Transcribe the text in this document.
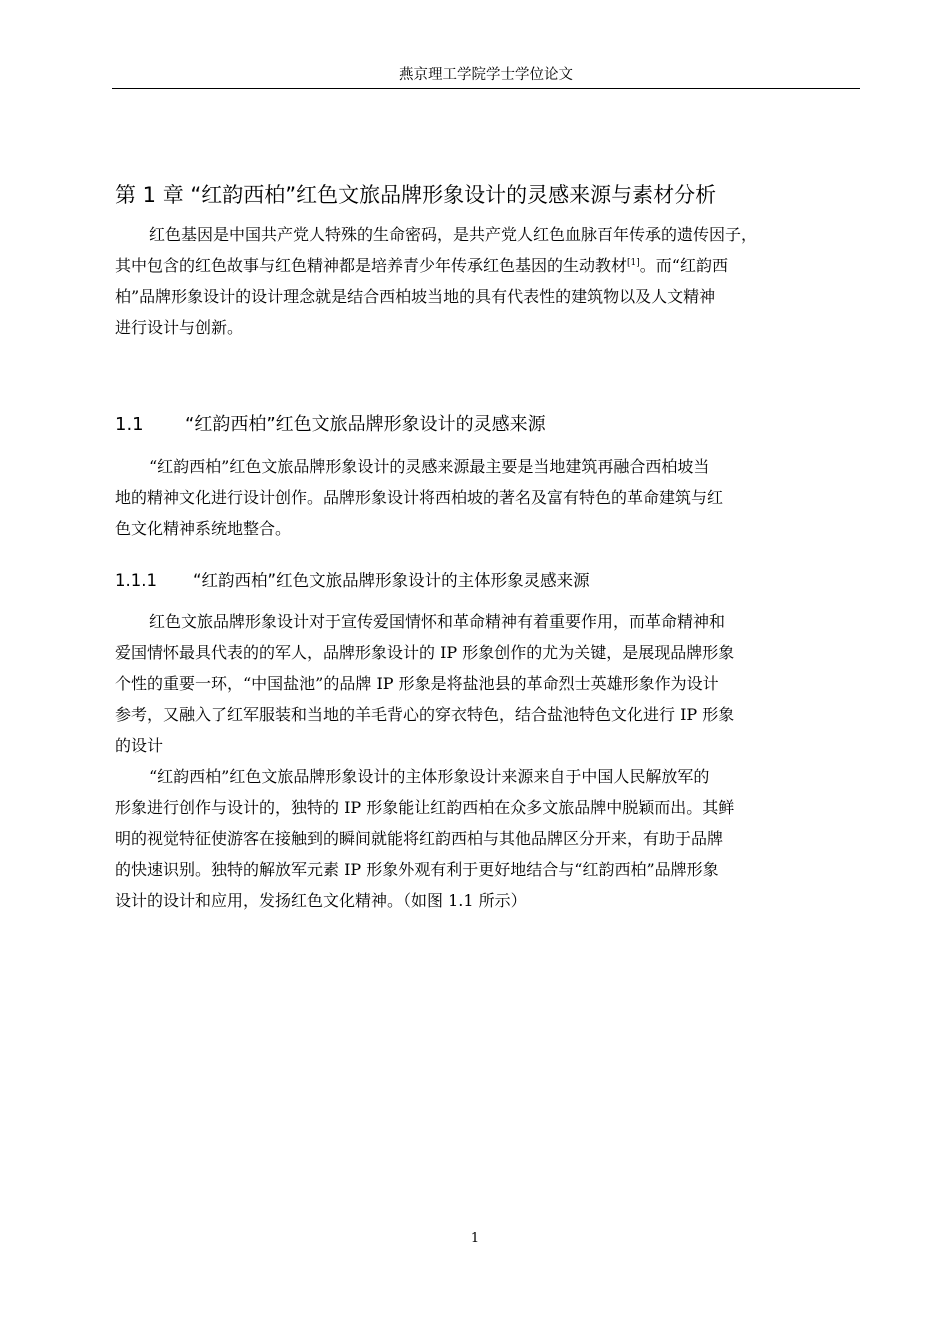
燕京理工学院学士学位论文
第 1 章 “红韵西柏”红色文旅品牌形象设计的灵感来源与素材分析
红色基因是中国共产党人特殊的生命密码，是共产党人红色血脉百年传承的遗传因子，
其中包含的红色故事与红色精神都是培养青少年传承红色基因的生动教材[1]。而“红韵西
柏”品牌形象设计的设计理念就是结合西柏坡当地的具有代表性的建筑物以及人文精神
进行设计与创新。
1.1 “红韵西柏”红色文旅品牌形象设计的灵感来源
“红韵西柏”红色文旅品牌形象设计的灵感来源最主要是当地建筑再融合西柏坡当
地的精神文化进行设计创作。品牌形象设计将西柏坡的著名及富有特色的革命建筑与红
色文化精神系统地整合。
1.1.1 “红韵西柏”红色文旅品牌形象设计的主体形象灵感来源
红色文旅品牌形象设计对于宣传爱国情怀和革命精神有着重要作用，而革命精神和
爱国情怀最具代表的的军人，品牌形象设计的 IP 形象创作的尤为关键，是展现品牌形象
个性的重要一环，“中国盐池”的品牌 IP 形象是将盐池县的革命烈士英雄形象作为设计
参考，又融入了红军服装和当地的羊毛背心的穿衣特色，结合盐池特色文化进行 IP 形象
的设计
“红韵西柏”红色文旅品牌形象设计的主体形象设计来源来自于中国人民解放军的
形象进行创作与设计的，独特的 IP 形象能让红韵西柏在众多文旅品牌中脱颖而出。其鲜
明的视觉特征使游客在接触到的瞬间就能将红韵西柏与其他品牌区分开来，有助于品牌
的快速识别。独特的解放军元素 IP 形象外观有利于更好地结合与“红韵西柏”品牌形象
设计的设计和应用，发扬红色文化精神。（如图 1.1 所示）
1
